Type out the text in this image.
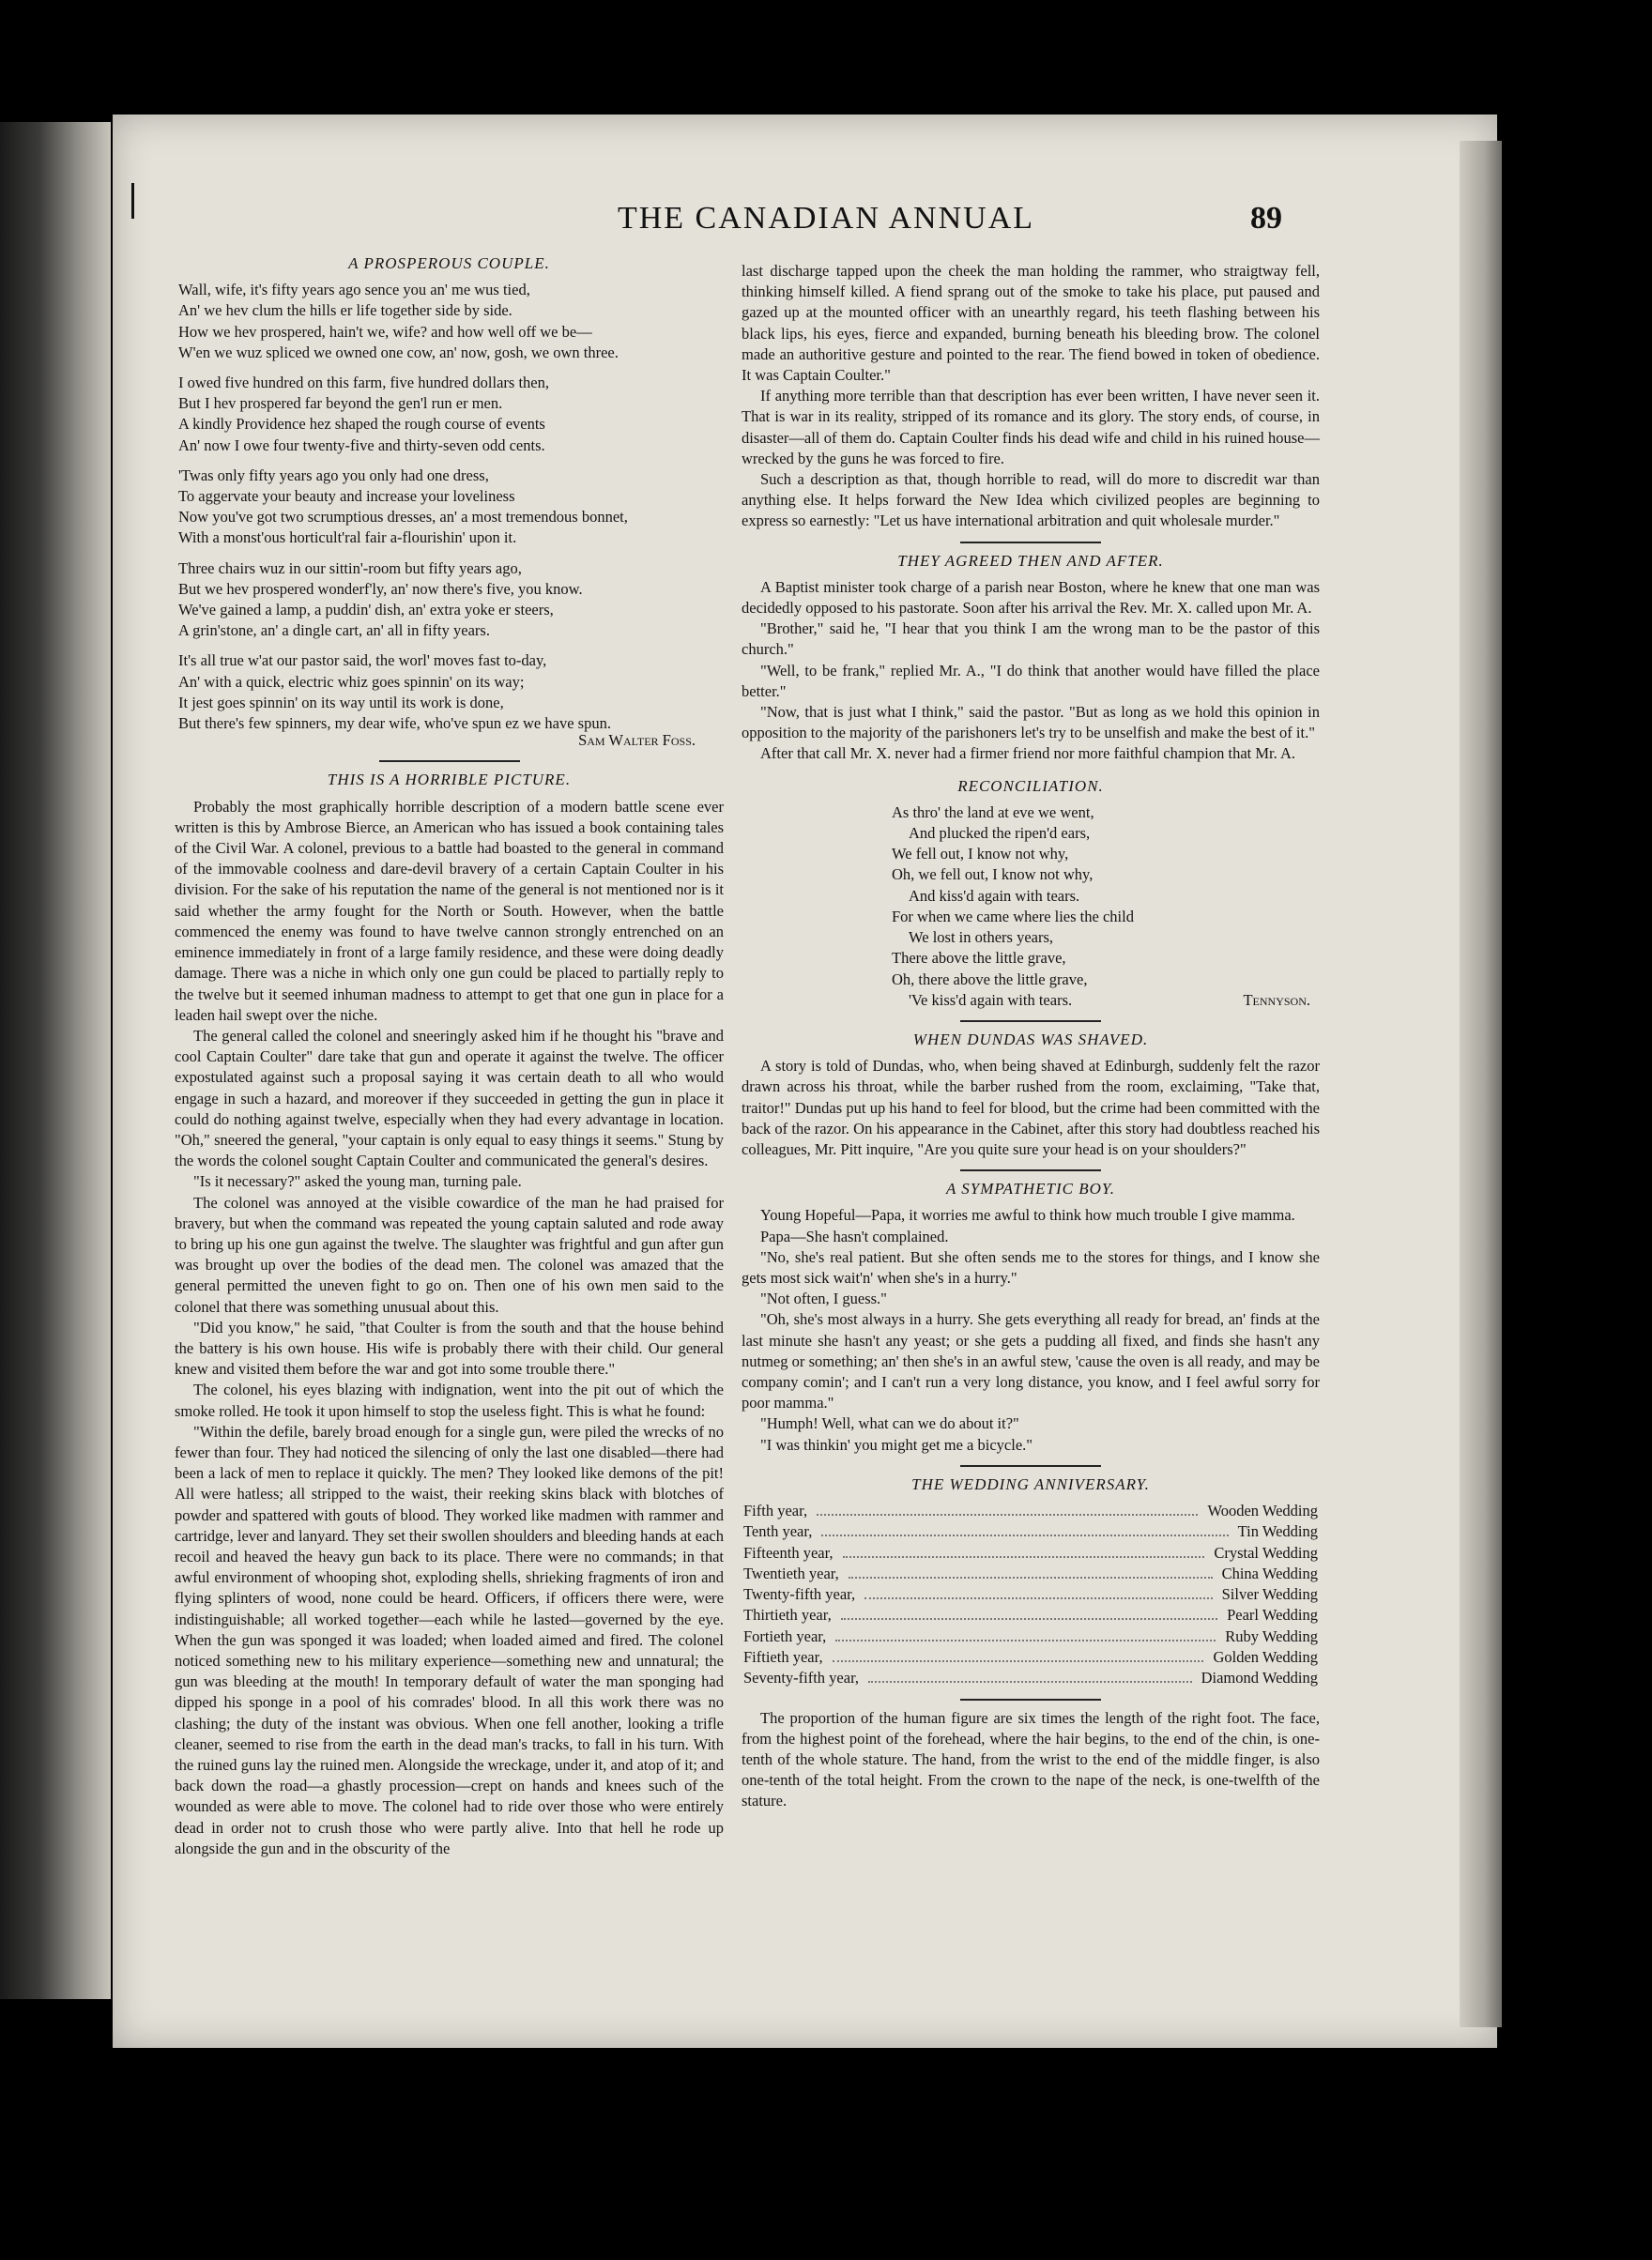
THE CANADIAN ANNUAL	89
A PROSPEROUS COUPLE.
Wall, wife, it's fifty years ago sence you an' me wus tied,
An' we hev clum the hills er life together side by side.
How we hev prospered, hain't we, wife? and how well off we be—
W'en we wuz spliced we owned one cow, an' now, gosh, we own three.
I owed five hundred on this farm, five hundred dollars then,
But I hev prospered far beyond the gen'l run er men.
A kindly Providence hez shaped the rough course of events
An' now I owe four twenty-five and thirty-seven odd cents.
'Twas only fifty years ago you only had one dress,
To aggervate your beauty and increase your loveliness
Now you've got two scrumptious dresses, an' a most tremendous bonnet,
With a monst'ous horticult'ral fair a-flourishin' upon it.
Three chairs wuz in our sittin'-room but fifty years ago,
But we hev prospered wonderf'ly, an' now there's five, you know.
We've gained a lamp, a puddin' dish, an' extra yoke er steers,
A grin'stone, an' a dingle cart, an' all in fifty years.
It's all true w'at our pastor said, the worl' moves fast to-day,
An' with a quick, electric whiz goes spinnin' on its way;
It jest goes spinnin' on its way until its work is done,
But there's few spinners, my dear wife, who've spun ez we have spun.
Sam Walter Foss.
THIS IS A HORRIBLE PICTURE.

Probably the most graphically horrible description of a modern battle scene ever written is this by Ambrose Bierce, an American who has issued a book containing tales of the Civil War. A colonel, previous to a battle had boasted to the general in command of the immovable coolness and dare-devil bravery of a certain Captain Coulter in his division. For the sake of his reputation the name of the general is not mentioned nor is it said whether the army fought for the North or South. However, when the battle commenced the enemy was found to have twelve cannon strongly entrenched on an eminence immediately in front of a large family residence, and these were doing deadly damage. There was a niche in which only one gun could be placed to partially reply to the twelve but it seemed inhuman madness to attempt to get that one gun in place for a leaden hail swept over the niche.

The general called the colonel and sneeringly asked him if he thought his "brave and cool Captain Coulter" dare take that gun and operate it against the twelve. The officer expostulated against such a proposal saying it was certain death to all who would engage in such a hazard, and moreover if they succeeded in getting the gun in place it could do nothing against twelve, especially when they had every advantage in location. "Oh," sneered the general, "your captain is only equal to easy things it seems." Stung by the words the colonel sought Captain Coulter and communicated the general's desires.

"Is it necessary?" asked the young man, turning pale.

The colonel was annoyed at the visible cowardice of the man he had praised for bravery, but when the command was repeated the young captain saluted and rode away to bring up his one gun against the twelve. The slaughter was frightful and gun after gun was brought up over the bodies of the dead men. The colonel was amazed that the general permitted the uneven fight to go on. Then one of his own men said to the colonel that there was something unusual about this.

"Did you know," he said, "that Coulter is from the south and that the house behind the battery is his own house. His wife is probably there with their child. Our general knew and visited them before the war and got into some trouble there."

The colonel, his eyes blazing with indignation, went into the pit out of which the smoke rolled. He took it upon himself to stop the useless fight. This is what he found:

"Within the defile, barely broad enough for a single gun, were piled the wrecks of no fewer than four. They had noticed the silencing of only the last one disabled—there had been a lack of men to replace it quickly. The men? They looked like demons of the pit! All were hatless; all stripped to the waist, their reeking skins black with blotches of powder and spattered with gouts of blood. They worked like madmen with rammer and cartridge, lever and lanyard. They set their swollen shoulders and bleeding hands at each recoil and heaved the heavy gun back to its place. There were no commands; in that awful environment of whooping shot, exploding shells, shrieking fragments of iron and flying splinters of wood, none could be heard. Officers, if officers there were, were indistinguishable; all worked together—each while he lasted—governed by the eye. When the gun was sponged it was loaded; when loaded aimed and fired. The colonel noticed something new to his military experience—something new and unnatural; the gun was bleeding at the mouth! In temporary default of water the man sponging had dipped his sponge in a pool of his comrades' blood. In all this work there was no clashing; the duty of the instant was obvious. When one fell another, looking a trifle cleaner, seemed to rise from the earth in the dead man's tracks, to fall in his turn. With the ruined guns lay the ruined men. Alongside the wreckage, under it, and atop of it; and back down the road—a ghastly procession—crept on hands and knees such of the wounded as were able to move. The colonel had to ride over those who were entirely dead in order not to crush those who were partly alive. Into that hell he rode up alongside the gun and in the obscurity of the

last discharge tapped upon the cheek the man holding the rammer, who straigtway fell, thinking himself killed. A fiend sprang out of the smoke to take his place, put paused and gazed up at the mounted officer with an unearthly regard, his teeth flashing between his black lips, his eyes, fierce and expanded, burning beneath his bleeding brow. The colonel made an authoritive gesture and pointed to the rear. The fiend bowed in token of obedience. It was Captain Coulter."

If anything more terrible than that description has ever been written, I have never seen it. That is war in its reality, stripped of its romance and its glory. The story ends, of course, in disaster—all of them do. Captain Coulter finds his dead wife and child in his ruined house—wrecked by the guns he was forced to fire.

Such a description as that, though horrible to read, will do more to discredit war than anything else. It helps forward the New Idea which civilized peoples are beginning to express so earnestly: "Let us have international arbitration and quit wholesale murder."

THEY AGREED THEN AND AFTER.

A Baptist minister took charge of a parish near Boston, where he knew that one man was decidedly opposed to his pastorate. Soon after his arrival the Rev. Mr. X. called upon Mr. A.

"Brother," said he, "I hear that you think I am the wrong man to be the pastor of this church."

"Well, to be frank," replied Mr. A., "I do think that another would have filled the place better."

"Now, that is just what I think," said the pastor. "But as long as we hold this opinion in opposition to the majority of the parishoners let's try to be unselfish and make the best of it."

After that call Mr. X. never had a firmer friend nor more faithful champion that Mr. A.

RECONCILIATION.
As thro' the land at eve we went,
And plucked the ripen'd ears,
We fell out, I know not why,
Oh, we fell out, I know not why,
And kiss'd again with tears.
For when we came where lies the child
We lost in others years,
There above the little grave,
Oh, there above the little grave,
'Ve kiss'd again with tears.	Tennyson.
WHEN DUNDAS WAS SHAVED.

A story is told of Dundas, who, when being shaved at Edinburgh, suddenly felt the razor drawn across his throat, while the barber rushed from the room, exclaiming, "Take that, traitor!" Dundas put up his hand to feel for blood, but the crime had been committed with the back of the razor. On his appearance in the Cabinet, after this story had doubtless reached his colleagues, Mr. Pitt inquire, "Are you quite sure your head is on your shoulders?"

A SYMPATHETIC BOY.

Young Hopeful—Papa, it worries me awful to think how much trouble I give mamma.

Papa—She hasn't complained.

"No, she's real patient. But she often sends me to the stores for things, and I know she gets most sick wait'n' when she's in a hurry."

"Not often, I guess."

"Oh, she's most always in a hurry. She gets everything all ready for bread, an' finds at the last minute she hasn't any yeast; or she gets a pudding all fixed, and finds she hasn't any nutmeg or something; an' then she's in an awful stew, 'cause the oven is all ready, and may be company comin'; and I can't run a very long distance, you know, and I feel awful sorry for poor mamma."

"Humph! Well, what can we do about it?"

"I was thinkin' you might get me a bicycle."

THE WEDDING ANNIVERSARY.
Fifth year,	Wooden Wedding
Tenth year,	Tin Wedding
Fifteenth year,	Crystal Wedding
Twentieth year,	China Wedding
Twenty-fifth year,	Silver Wedding
Thirtieth year,	Pearl Wedding
Fortieth year,	Ruby Wedding
Fiftieth year,	Golden Wedding
Seventy-fifth year,	Diamond Wedding

The proportion of the human figure are six times the length of the right foot. The face, from the highest point of the forehead, where the hair begins, to the end of the chin, is one-tenth of the whole stature. The hand, from the wrist to the end of the middle finger, is also one-tenth of the total height. From the crown to the nape of the neck, is one-twelfth of the stature.
